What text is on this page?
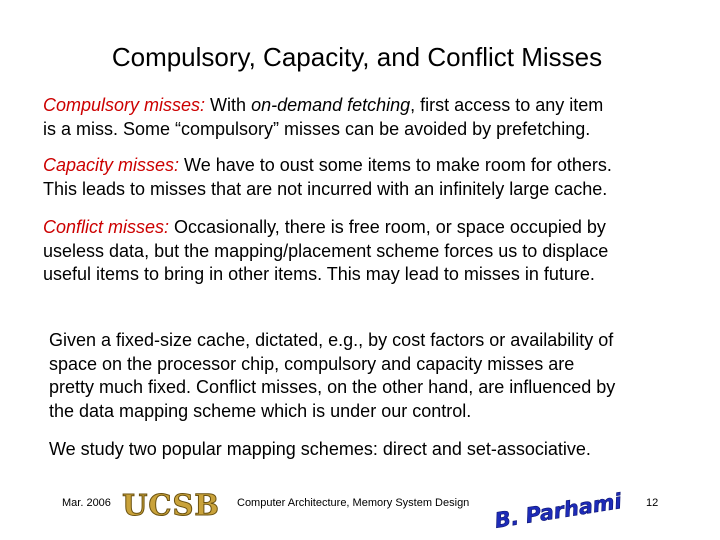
Compulsory, Capacity, and Conflict Misses

Compulsory misses: With on-demand fetching, first access to any item
is a miss. Some “compulsory” misses can be avoided by prefetching.

Capacity misses: We have to oust some items to make room for others.
This leads to misses that are not incurred with an infinitely large cache.

Conflict misses: Occasionally, there is free room, or space occupied by
useless data, but the mapping/placement scheme forces us to displace
useful items to bring in other items. This may lead to misses in future.

Given a fixed-size cache, dictated, e.g., by cost factors or availability of
space on the processor chip, compulsory and capacity misses are
pretty much fixed. Conflict misses, on the other hand, are influenced by
the data mapping scheme which is under our control.

We study two popular mapping schemes: direct and set-associative.

Mar. 2006 UCSB Computer Architecture, Memory System Design B. Parhami 12
